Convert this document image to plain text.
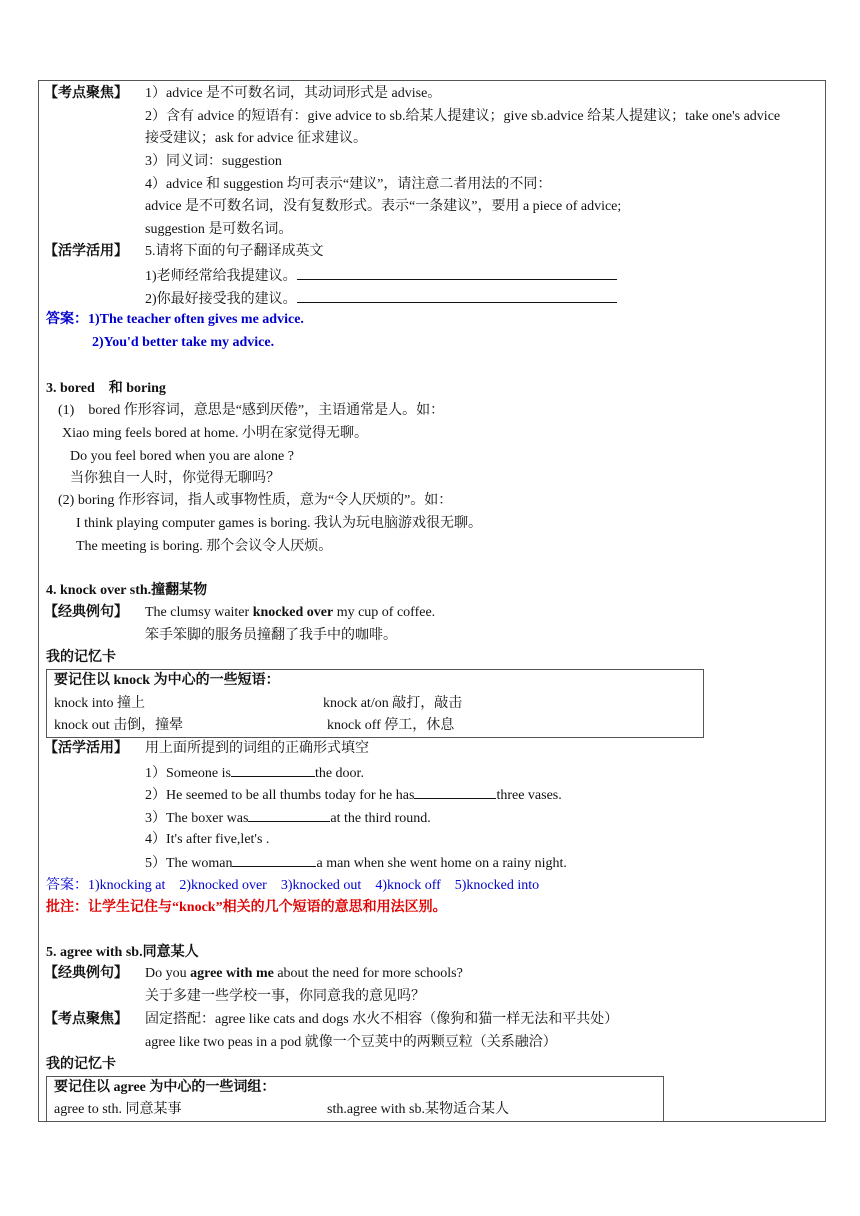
【考点聚焦】 1）advice 是不可数名词，其动词形式是 advise。
2）含有 advice 的短语有：give advice to sb.给某人提建议；give sb.advice 给某人提建议；take one's advice
接受建议；ask for advice 征求建议。
3）同义词：suggestion
4）advice 和 suggestion 均可表示“建议”，请注意二者用法的不同：
advice 是不可数名词，没有复数形式。表示“一条建议”，要用 a piece of advice;
suggestion 是可数名词。
【活学活用】 5.请将下面的句子翻译成英文
1)老师经常给我提建议。
2)你最好接受我的建议。
答案：1)The teacher often gives me advice.
2)You'd better take my advice.
3. bored　和 boring
(1)　bored 作形容词，意思是“感到厌倦”，主语通常是人。如：
Xiao ming feels bored at home. 小明在家觉得无聊。
Do you feel bored when you are alone ?
当你独自一人时，你觉得无聊吗？
(2) boring 作形容词，指人或事物性质，意为“令人厌烦的”。如：
I think playing computer games is boring. 我认为玩电脑游戏很无聊。
The meeting is boring. 那个会议令人厌烦。
4. knock over sth.撞翻某物
【经典例句】 The clumsy waiter knocked over my cup of coffee.
笨手笨脚的服务员撞翻了我手中的咖啡。
我的记忆卡
要记住以 knock 为中心的一些短语：
knock into 撞上	knock at/on 敲打，敲击
knock out 击倒，撞晕	knock off 停工，休息
【活学活用】 用上面所提到的词组的正确形式填空
1）Someone is	the door.
2）He seemed to be all thumbs today for he has	three vases.
3）The boxer was	at the third round.
4）It's after five,let's .
5）The woman	a man when she went home on a rainy night.
答案：1)knocking at　2)knocked over　3)knocked out　4)knock off　5)knocked into
批注：让学生记住与“knock”相关的几个短语的意思和用法区别。
5. agree with sb.同意某人
【经典例句】 Do you agree with me about the need for more schools?
关于多建一些学校一事，你同意我的意见吗？
【考点聚焦】 固定搭配：agree like cats and dogs 水火不相容（像狗和猫一样无法和平共处）
agree like two peas in a pod 就像一个豆荚中的两颗豆粒（关系融洽）
我的记忆卡
要记住以 agree 为中心的一些词组：
agree to sth. 同意某事	sth.agree with sb.某物适合某人
